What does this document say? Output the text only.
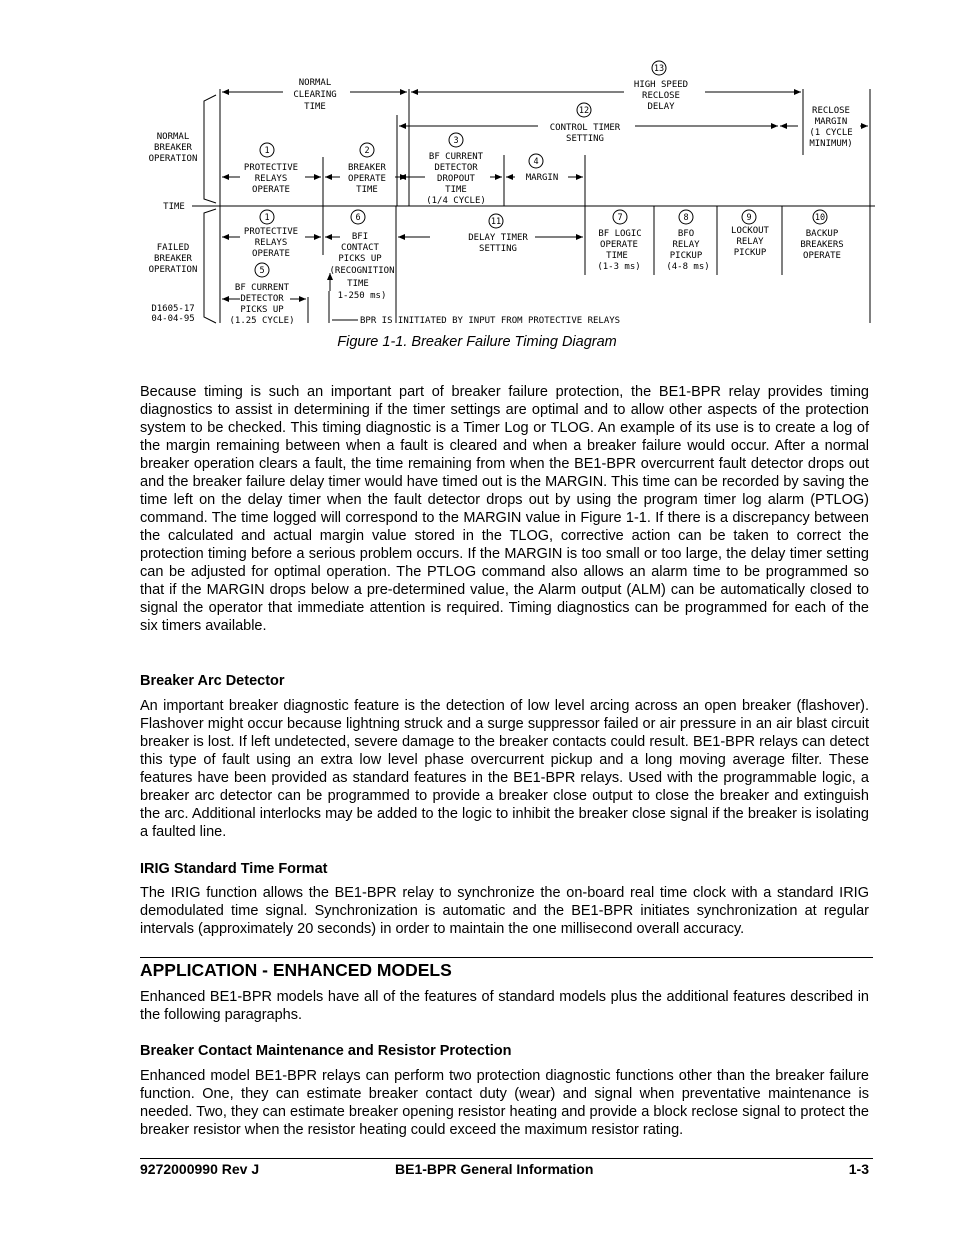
NORMAL
BREAKER
OPERATION
TIME
FAILED
BREAKER
OPERATION
D1605-17
04-04-95
NORMAL
CLEARING
TIME
13
HIGH SPEED
RECLOSE
DELAY
12
CONTROL TIMER
SETTING
RECLOSE
MARGIN
(1 CYCLE
MINIMUM)
1
PROTECTIVE
RELAYS
OPERATE
2
BREAKER
OPERATE
TIME
3
BF CURRENT
DETECTOR
DROPOUT
TIME
(1/4 CYCLE)
4
MARGIN
1
PROTECTIVE
RELAYS
OPERATE
5
BF CURRENT
DETECTOR
PICKS UP
(1.25 CYCLE)
6
BFI
CONTACT
PICKS UP
(RECOGNITION
TIME
1-250 ms)
11
DELAY TIMER
SETTING
7
BF LOGIC
OPERATE
TIME
(1-3 ms)
8
BFO
RELAY
PICKUP
(4-8 ms)
9
LOCKOUT
RELAY
PICKUP
10
BACKUP
BREAKERS
OPERATE
BPR IS INITIATED BY INPUT FROM PROTECTIVE RELAYS
Figure 1-1. Breaker Failure Timing Diagram

Because timing is such an important part of breaker failure protection, the BE1-BPR relay provides timing diagnostics to assist in determining if the timer settings are optimal and to allow other aspects of the protection system to be checked. This timing diagnostic is a Timer Log or TLOG. An example of its use is to create a log of the margin remaining between when a fault is cleared and when a breaker failure would occur. After a normal breaker operation clears a fault, the time remaining from when the BE1-BPR overcurrent fault detector drops out and the breaker failure delay timer would have timed out is the MARGIN. This time can be recorded by saving the time left on the delay timer when the fault detector drops out by using the program timer log alarm (PTLOG) command. The time logged will correspond to the MARGIN value in Figure 1-1. If there is a discrepancy between the calculated and actual margin value stored in the TLOG, corrective action can be taken to correct the protection timing before a serious problem occurs. If the MARGIN is too small or too large, the delay timer setting can be adjusted for optimal operation. The PTLOG command also allows an alarm time to be programmed so that if the MARGIN drops below a pre-determined value, the Alarm output (ALM) can be automatically closed to signal the operator that immediate attention is required. Timing diagnostics can be programmed for each of the six timers available.

Breaker Arc Detector

An important breaker diagnostic feature is the detection of low level arcing across an open breaker (flashover). Flashover might occur because lightning struck and a surge suppressor failed or air pressure in an air blast circuit breaker is lost. If left undetected, severe damage to the breaker contacts could result. BE1-BPR relays can detect this type of fault using an extra low level phase overcurrent pickup and a long moving average filter. These features have been provided as standard features in the BE1-BPR relays. Used with the programmable logic, a breaker arc detector can be programmed to provide a breaker close output to close the breaker and extinguish the arc. Additional interlocks may be added to the logic to inhibit the breaker close signal if the breaker is isolating a faulted line.

IRIG Standard Time Format

The IRIG function allows the BE1-BPR relay to synchronize the on-board real time clock with a standard IRIG demodulated time signal. Synchronization is automatic and the BE1-BPR initiates synchronization at regular intervals (approximately 20 seconds) in order to maintain the one millisecond overall accuracy.

APPLICATION - ENHANCED MODELS

Enhanced BE1-BPR models have all of the features of standard models plus the additional features described in the following paragraphs.

Breaker Contact Maintenance and Resistor Protection

Enhanced model BE1-BPR relays can perform two protection diagnostic functions other than the breaker failure function. One, they can estimate breaker contact duty (wear) and signal when preventative maintenance is needed. Two, they can estimate breaker opening resistor heating and provide a block reclose signal to protect the breaker resistor when the resistor heating could exceed the maximum resistor rating.

9272000990 Rev J	BE1-BPR General Information	1-3
